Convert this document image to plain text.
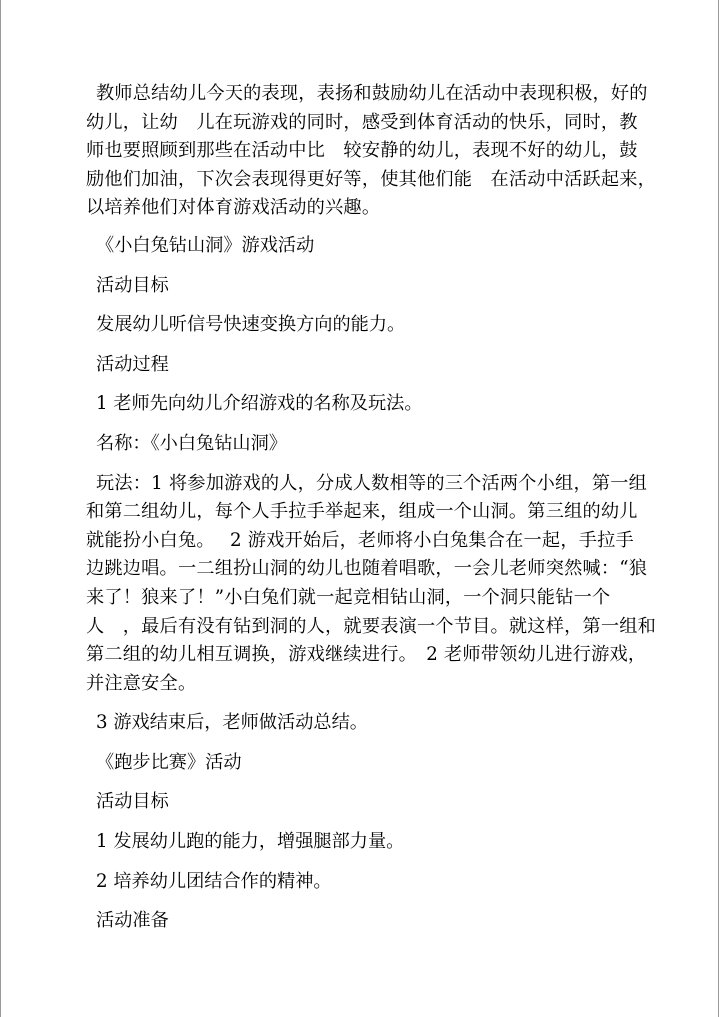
教师总结幼儿今天的表现，表扬和鼓励幼儿在活动中表现积极，好的
幼儿，让幼　儿在玩游戏的同时，感受到体育活动的快乐，同时，教
师也要照顾到那些在活动中比　较安静的幼儿，表现不好的幼儿，鼓
励他们加油，下次会表现得更好等，使其他们能　在活动中活跃起来，
以培养他们对体育游戏活动的兴趣。

《小白兔钻山洞》游戏活动

活动目标

发展幼儿听信号快速变换方向的能力。

活动过程

1 老师先向幼儿介绍游戏的名称及玩法。

名称：《小白兔钻山洞》

玩法：1 将参加游戏的人，分成人数相等的三个活两个小组，第一组
和第二组幼儿，每个人手拉手举起来，组成一个山洞。第三组的幼儿
就能扮小白兔。　 2 游戏开始后，老师将小白兔集合在一起，手拉手
边跳边唱。一二组扮山洞的幼儿也随着唱歌，一会儿老师突然喊：“狼
来了！狼来了！”小白兔们就一起竞相钻山洞，一个洞只能钻一个
人　，最后有没有钻到洞的人，就要表演一个节目。就这样，第一组和
第二组的幼儿相互调换，游戏继续进行。　2 老师带领幼儿进行游戏，
并注意安全。

3 游戏结束后，老师做活动总结。

《跑步比赛》活动

活动目标

1 发展幼儿跑的能力，增强腿部力量。

2 培养幼儿团结合作的精神。

活动准备
